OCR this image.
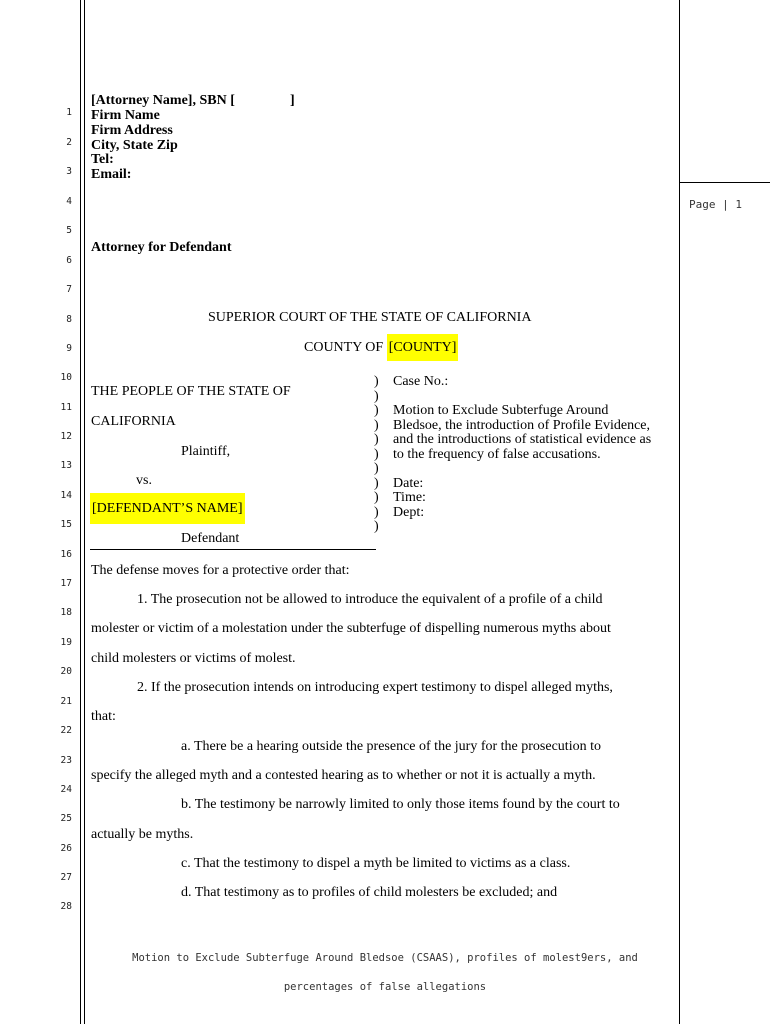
1
2
3
4
5
6
7
8
9
10
11
12
13
14
15
16
17
18
19
20
21
22
23
24
25
26
27
28
Page | 1
[Attorney Name], SBN [	]
Firm Name
Firm Address
City, State Zip
Tel:
Email:
Attorney for Defendant
SUPERIOR COURT OF THE STATE OF CALIFORNIA
COUNTY OF [COUNTY]
THE PEOPLE OF THE STATE OF
CALIFORNIA
Plaintiff,
vs.
[DEFENDANT’S NAME]
Defendant
)
)
)
)
)
)
)
)
)
)
)
Case No.:
Motion to Exclude Subterfuge Around
Bledsoe, the introduction of Profile Evidence,
and the introductions of statistical evidence as
to the frequency of false accusations.
Date:
Time:
Dept:
The defense moves for a protective order that:
1. The prosecution not be allowed to introduce the equivalent of a profile of a child
molester or victim of a molestation under the subterfuge of dispelling numerous myths about
child molesters or victims of molest.
2. If the prosecution intends on introducing expert testimony to dispel alleged myths,
that:
a. There be a hearing outside the presence of the jury for the prosecution to
specify the alleged myth and a contested hearing as to whether or not it is actually a myth.
b. The testimony be narrowly limited to only those items found by the court to
actually be myths.
c. That the testimony to dispel a myth be limited to victims as a class.
d. That testimony as to profiles of child molesters be excluded; and
Motion to Exclude Subterfuge Around Bledsoe (CSAAS), profiles of molest9ers, and
percentages of false allegations
